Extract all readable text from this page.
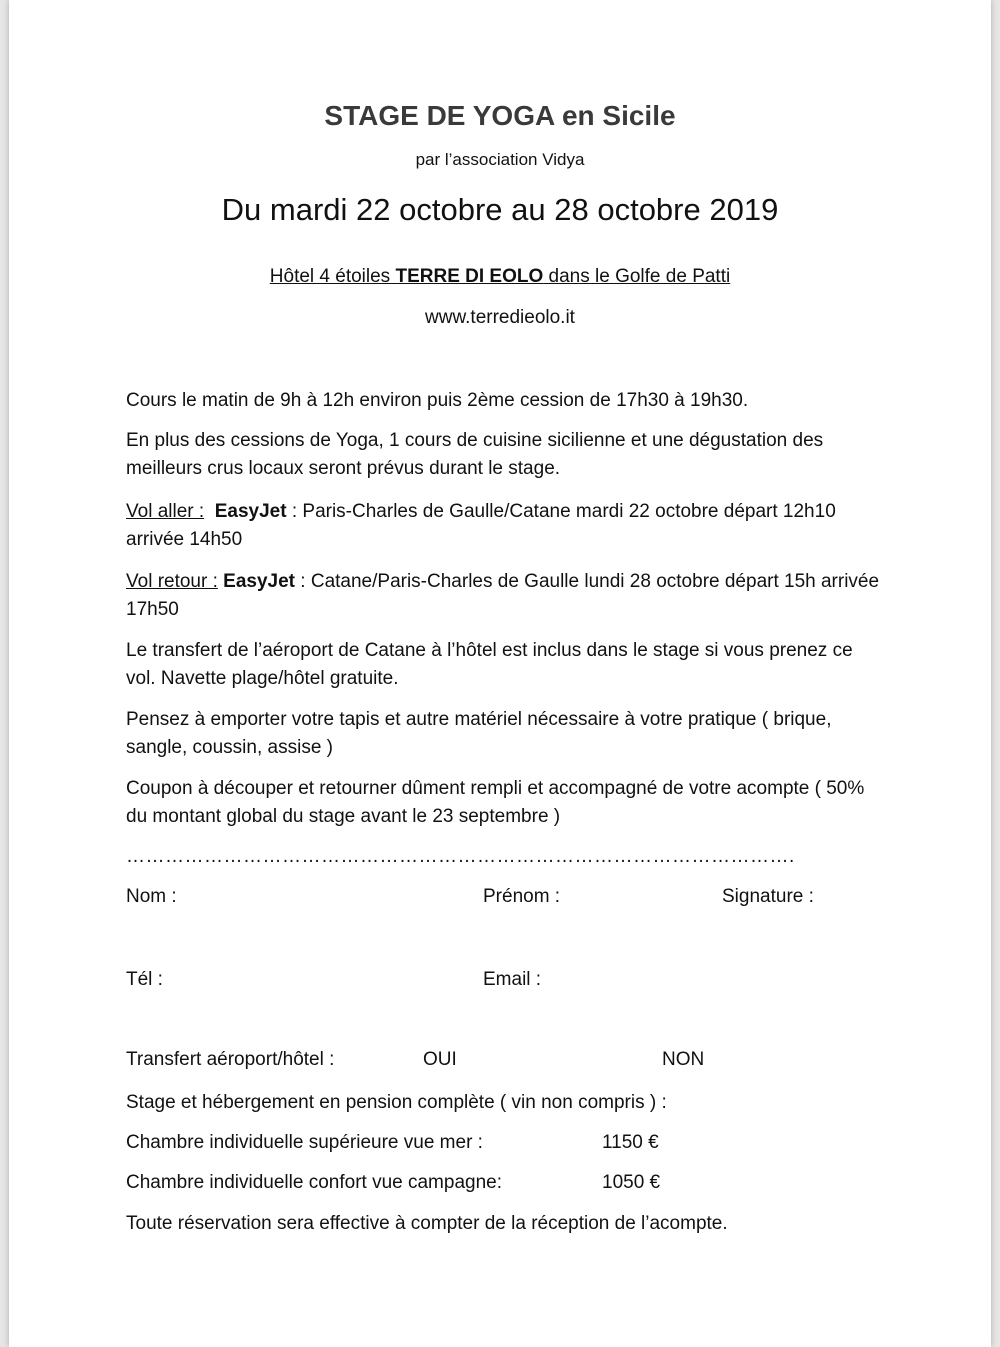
STAGE DE YOGA en Sicile
par l’association Vidya
Du mardi 22 octobre au 28 octobre 2019
Hôtel 4 étoiles TERRE DI EOLO dans le Golfe de Patti
www.terredieolo.it
Cours le matin de 9h à 12h environ puis 2ème cession de 17h30 à 19h30.
En plus des cessions de Yoga, 1 cours de cuisine sicilienne et une dégustation des meilleurs crus locaux seront prévus durant le stage.
Vol aller : EasyJet : Paris-Charles de Gaulle/Catane mardi 22 octobre départ 12h10 arrivée 14h50
Vol retour : EasyJet : Catane/Paris-Charles de Gaulle lundi 28 octobre départ 15h arrivée 17h50
Le transfert de l’aéroport de Catane à l’hôtel est inclus dans le stage si vous prenez ce vol. Navette plage/hôtel gratuite.
Pensez à emporter votre tapis et autre matériel nécessaire à votre pratique ( brique, sangle, coussin, assise )
Coupon à découper et retourner dûment rempli et accompagné de votre acompte ( 50% du montant global du stage avant le 23 septembre )
………………………………………………………………………………………….
Nom :	Prénom :	Signature :
Tél :	Email :
Transfert aéroport/hôtel :	OUI	NON
Stage et hébergement en pension complète ( vin non compris ) :
Chambre individuelle supérieure vue mer :	1150 €
Chambre individuelle confort vue campagne:	1050 €
Toute réservation sera effective à compter de la réception de l’acompte.
